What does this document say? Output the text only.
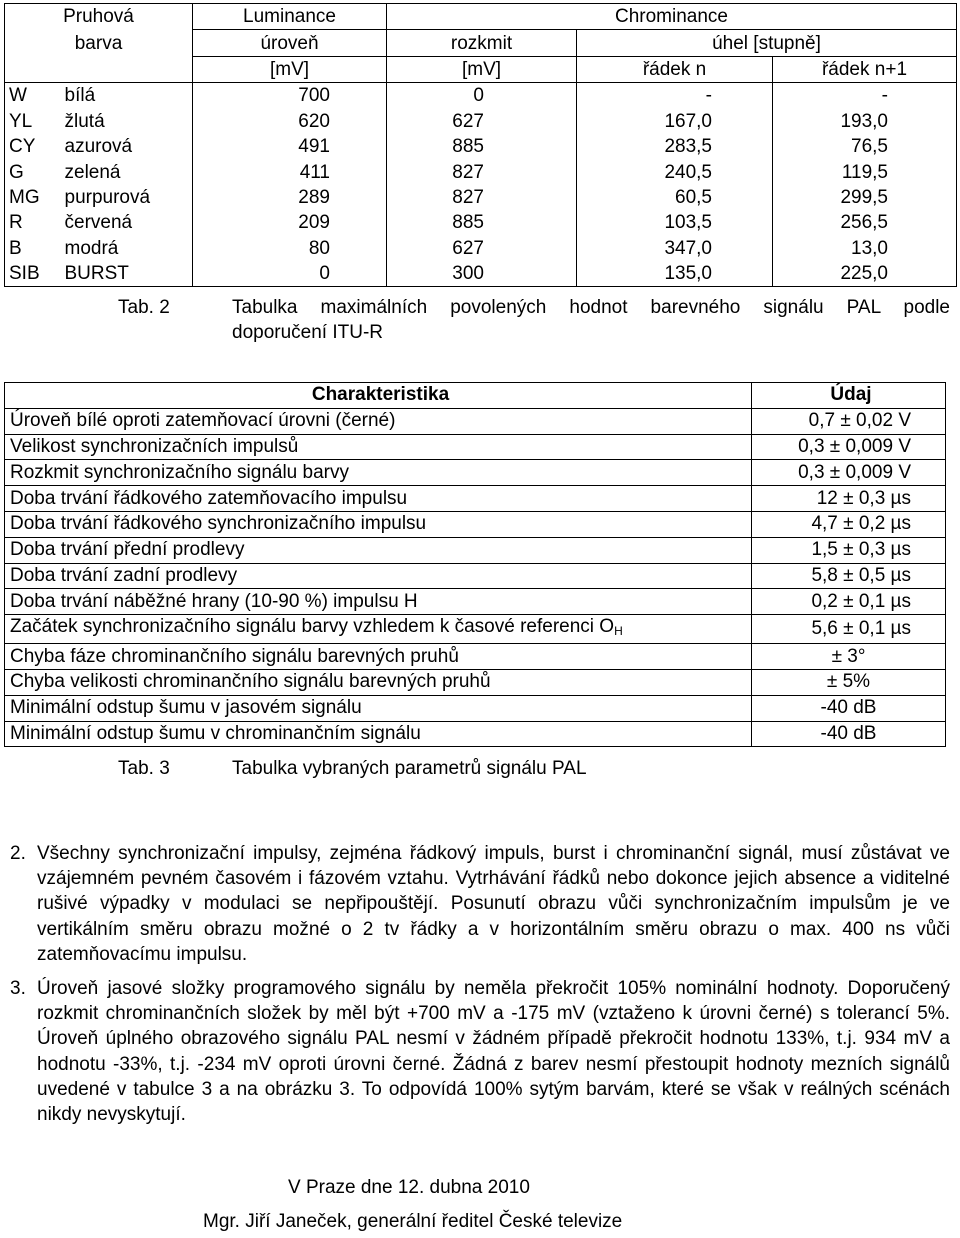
Pruhová		Luminance	Chrominance		
barva		úroveň	rozkmit	úhel [stupně]	
		[mV]	[mV]	řádek n	řádek n+1
W	bílá	700	0	-	-
YL	žlutá	620	627	167,0	193,0
CY	azurová	491	885	283,5	76,5
G	zelená	411	827	240,5	119,5
MG	purpurová	289	827	60,5	299,5
R	červená	209	885	103,5	256,5
B	modrá	80	627	347,0	13,0
SIB	BURST	0	300	135,0	225,0
Tab. 2	Tabulka maximálních povolených hodnot barevného signálu PAL podle
doporučení ITU-R
Charakteristika	Údaj
Úroveň bílé oproti zatemňovací úrovni (černé)	0,7 ± 0,02 V
Velikost synchronizačních impulsů	0,3 ± 0,009 V
Rozkmit synchronizačního signálu barvy	0,3 ± 0,009 V
Doba trvání řádkového zatemňovacího impulsu	12 ± 0,3 µs
Doba trvání řádkového synchronizačního impulsu	4,7 ± 0,2 µs
Doba trvání přední prodlevy	1,5 ± 0,3 µs
Doba trvání zadní prodlevy	5,8 ± 0,5 µs
Doba trvání náběžné hrany (10-90 %) impulsu H	0,2 ± 0,1 µs
Začátek synchronizačního signálu barvy vzhledem k časové referenci $O_H$	5,6 ± 0,1 µs
Chyba fáze chrominančního signálu barevných pruhů	± 3°
Chyba velikosti chrominančního signálu barevných pruhů	± 5%
Minimální odstup šumu v jasovém signálu	-40 dB
Minimální odstup šumu v chrominančním signálu	-40 dB
Tab. 3	Tabulka vybraných parametrů signálu PAL
2. Všechny synchronizační impulsy, zejména řádkový impuls, burst i chrominanční signál, musí zůstávat ve vzájemném pevném časovém i fázovém vztahu. Vytrhávání řádků nebo dokonce jejich absence a viditelné rušivé výpadky v modulaci se nepřipouštějí. Posunutí obrazu vůči synchronizačním impulsům je ve vertikálním směru obrazu možné o 2 tv řádky a v horizontálním směru obrazu o max. 400 ns vůči zatemňovacímu impulsu.
3. Úroveň jasové složky programového signálu by neměla překročit 105% nominální hodnoty. Doporučený rozkmit chrominančních složek by měl být +700 mV a -175 mV (vztaženo k úrovni černé) s tolerancí 5%. Úroveň úplného obrazového signálu PAL nesmí v žádném případě překročit hodnotu 133%, t.j. 934 mV a hodnotu -33%, t.j. -234 mV oproti úrovni černé. Žádná z barev nesmí přestoupit hodnoty mezních signálů uvedené v tabulce 3 a na obrázku 3. To odpovídá 100% sytým barvám, které se však v reálných scénách nikdy nevyskytují.
V Praze dne 12. dubna 2010
Mgr. Jiří Janeček, generální ředitel České televize
